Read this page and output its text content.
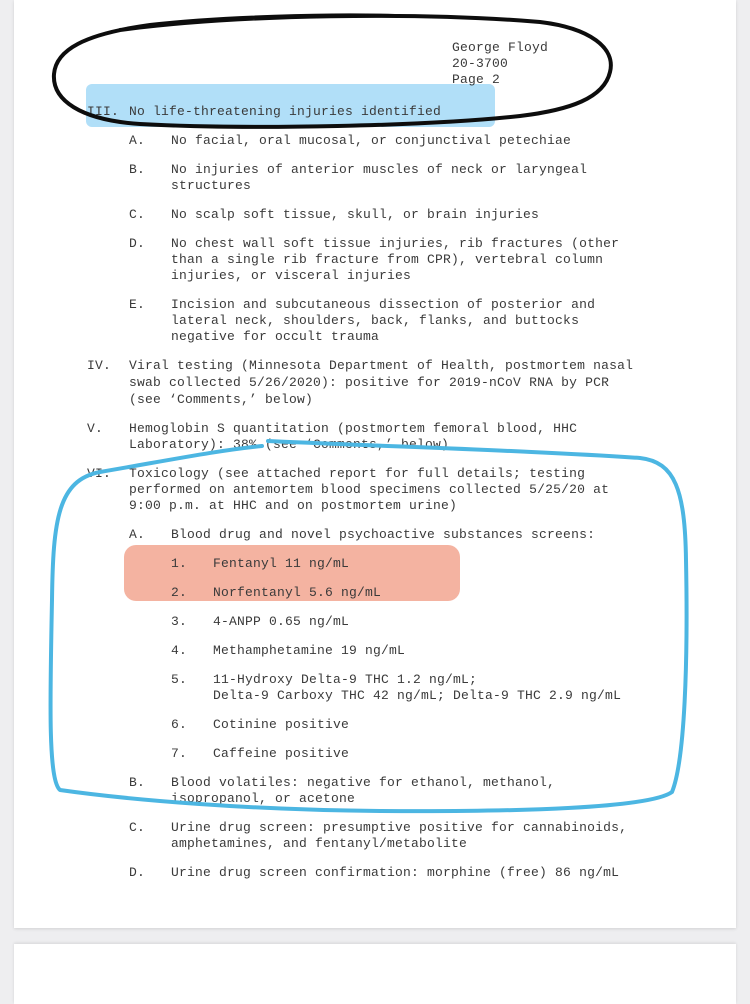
George Floyd

20-3700

Page 2

III. No life-threatening injuries identified

A. No facial, oral mucosal, or conjunctival petechiae

B. No injuries of anterior muscles of neck or laryngeal

structures

C. No scalp soft tissue, skull, or brain injuries

D. No chest wall soft tissue injuries, rib fractures (other

than a single rib fracture from CPR), vertebral column

injuries, or visceral injuries

E. Incision and subcutaneous dissection of posterior and

lateral neck, shoulders, back, flanks, and buttocks

negative for occult trauma

IV. Viral testing (Minnesota Department of Health, postmortem nasal

swab collected 5/26/2020): positive for 2019-nCoV RNA by PCR

(see ‘Comments,’ below)

V. Hemoglobin S quantitation (postmortem femoral blood, HHC

Laboratory): 38% (see ‘Comments,’ below)

VI. Toxicology (see attached report for full details; testing

performed on antemortem blood specimens collected 5/25/20 at

9:00 p.m. at HHC and on postmortem urine)

A. Blood drug and novel psychoactive substances screens:

1. Fentanyl 11 ng/mL

2. Norfentanyl 5.6 ng/mL

3. 4-ANPP 0.65 ng/mL

4. Methamphetamine 19 ng/mL

5. 11-Hydroxy Delta-9 THC 1.2 ng/mL;

Delta-9 Carboxy THC 42 ng/mL; Delta-9 THC 2.9 ng/mL

6. Cotinine positive

7. Caffeine positive

B. Blood volatiles: negative for ethanol, methanol,

isopropanol, or acetone

C. Urine drug screen: presumptive positive for cannabinoids,

amphetamines, and fentanyl/metabolite

D. Urine drug screen confirmation: morphine (free) 86 ng/mL
